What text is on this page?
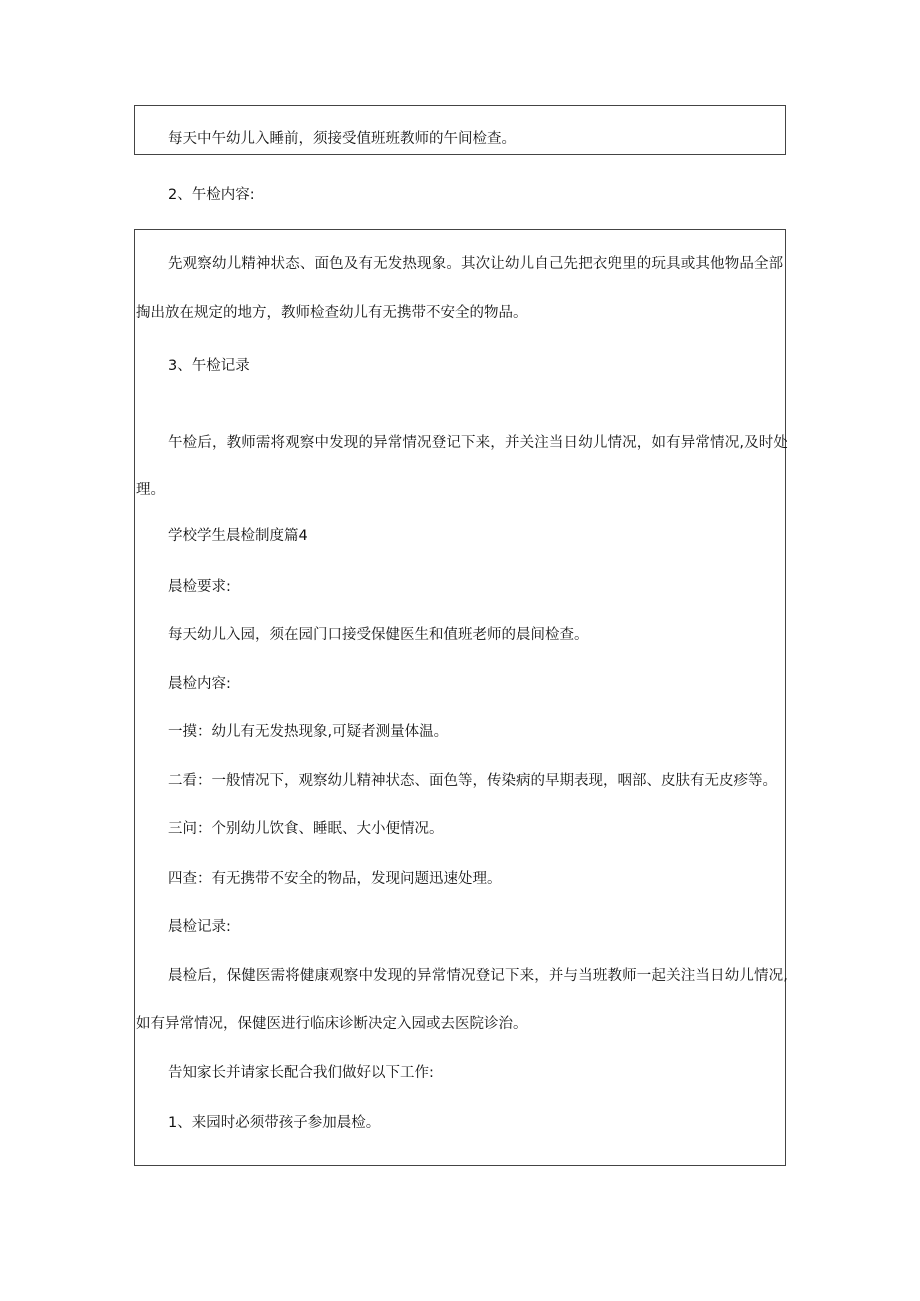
每天中午幼儿入睡前，须接受值班班教师的午间检查。
2、午检内容:
先观察幼儿精神状态、面色及有无发热现象。其次让幼儿自己先把衣兜里的玩具或其他物品全部
掏出放在规定的地方，教师检查幼儿有无携带不安全的物品。
3、午检记录
午检后，教师需将观察中发现的异常情况登记下来，并关注当日幼儿情况，如有异常情况,及时处
理。
学校学生晨检制度篇4
晨检要求:
每天幼儿入园，须在园门口接受保健医生和值班老师的晨间检查。
晨检内容:
一摸：幼儿有无发热现象,可疑者测量体温。
二看：一般情况下，观察幼儿精神状态、面色等，传染病的早期表现，咽部、皮肤有无皮疹等。
三问：个别幼儿饮食、睡眠、大小便情况。
四查：有无携带不安全的物品，发现问题迅速处理。
晨检记录:
晨检后，保健医需将健康观察中发现的异常情况登记下来，并与当班教师一起关注当日幼儿情况,
如有异常情况，保健医进行临床诊断决定入园或去医院诊治。
告知家长并请家长配合我们做好以下工作:
1、来园时必须带孩子参加晨检。
